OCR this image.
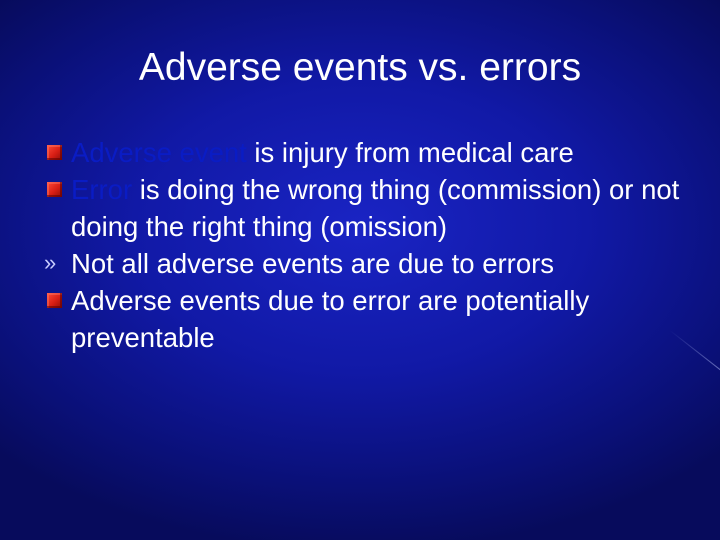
Adverse events vs. errors
Adverse event is injury from medical care
Error is doing the wrong thing (commission) or not doing the right thing (omission)
» Not all adverse events are due to errors
Adverse events due to error are potentially preventable
